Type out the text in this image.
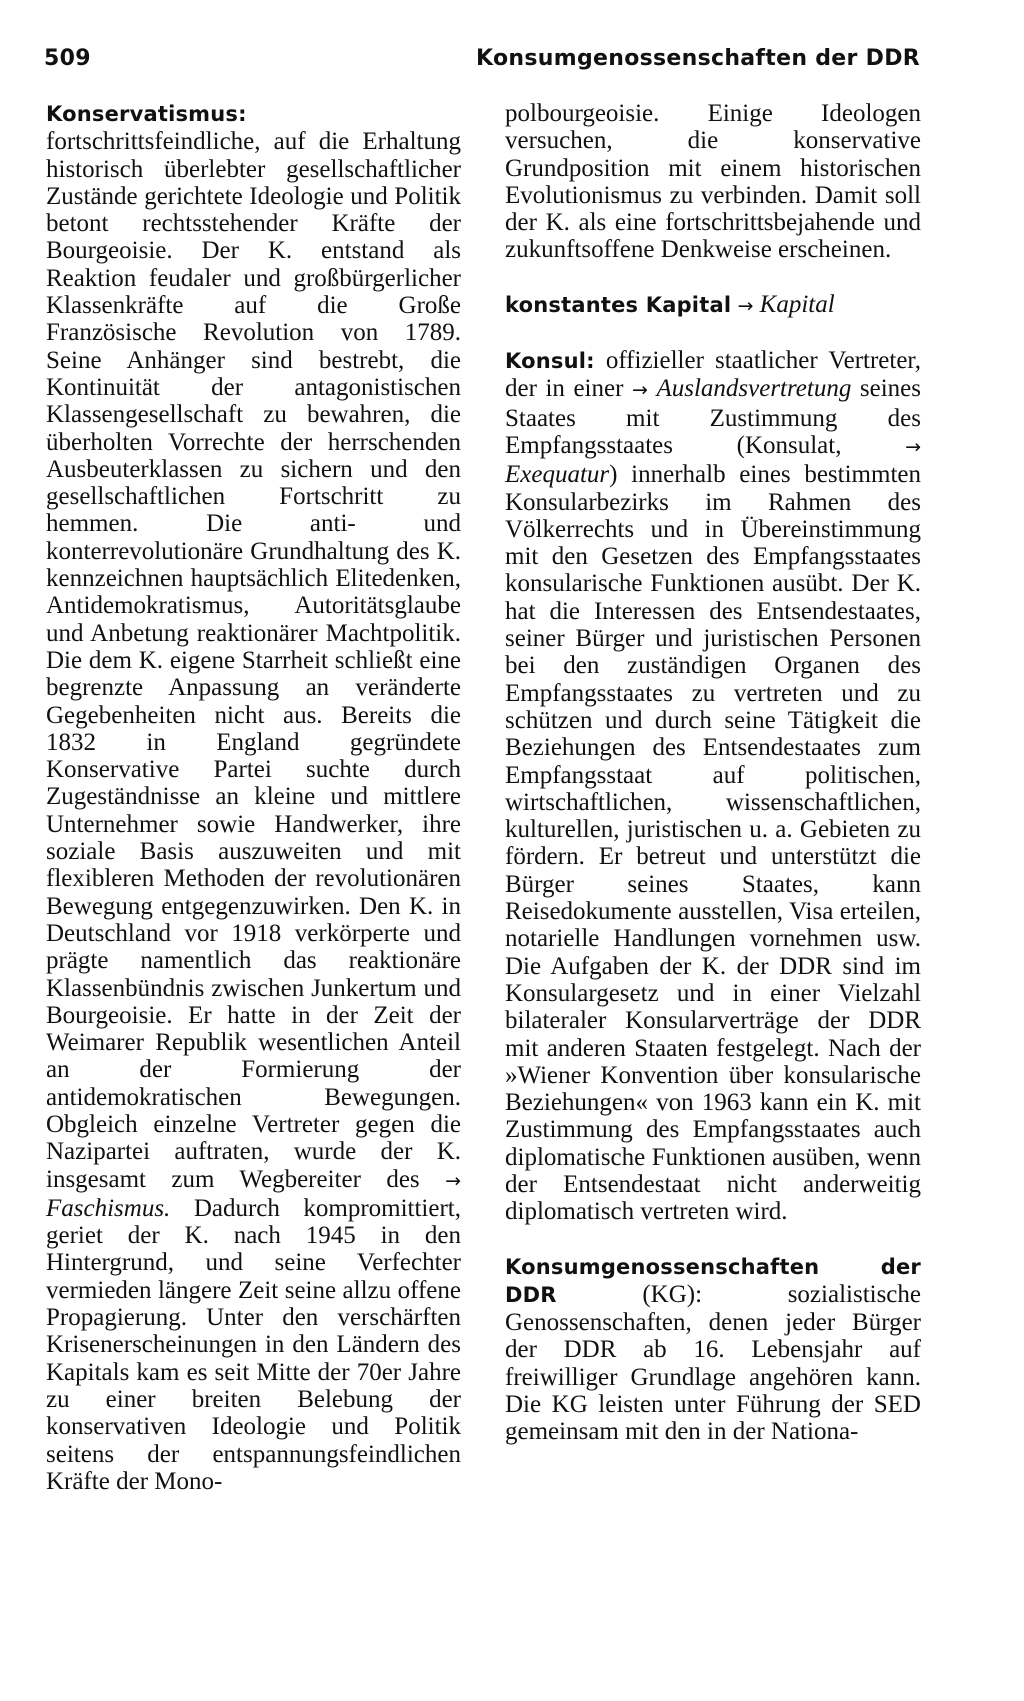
509	Konsumgenossenschaften der DDR

Konservatismus: fortschrittsfeindliche, auf die Erhaltung historisch überlebter gesellschaftlicher Zustände gerichtete Ideologie und Politik betont rechtsstehender Kräfte der Bourgeoisie. Der K. entstand als Reaktion feudaler und großbürgerlicher Klassenkräfte auf die Große Französische Revolution von 1789. Seine Anhänger sind bestrebt, die Kontinuität der antagonistischen Klassengesellschaft zu bewahren, die überholten Vorrechte der herrschenden Ausbeuterklassen zu sichern und den gesellschaftlichen Fortschritt zu hemmen. Die anti- und konterrevolutionäre Grundhaltung des K. kennzeichnen hauptsächlich Elitedenken, Antidemokratismus, Autoritätsglaube und Anbetung reaktionärer Machtpolitik. Die dem K. eigene Starrheit schließt eine begrenzte Anpassung an veränderte Gegebenheiten nicht aus. Bereits die 1832 in England gegründete Konservative Partei suchte durch Zugeständnisse an kleine und mittlere Unternehmer sowie Handwerker, ihre soziale Basis auszuweiten und mit flexibleren Methoden der revolutionären Bewegung entgegenzuwirken. Den K. in Deutschland vor 1918 verkörperte und prägte namentlich das reaktionäre Klassenbündnis zwischen Junkertum und Bourgeoisie. Er hatte in der Zeit der Weimarer Republik wesentlichen Anteil an der Formierung der antidemokratischen Bewegungen. Obgleich einzelne Vertreter gegen die Nazipartei auftraten, wurde der K. insgesamt zum Wegbereiter des → Faschismus. Dadurch kompromittiert, geriet der K. nach 1945 in den Hintergrund, und seine Verfechter vermieden längere Zeit seine allzu offene Propagierung. Unter den verschärften Krisenerscheinungen in den Ländern des Kapitals kam es seit Mitte der 70er Jahre zu einer breiten Belebung der konservativen Ideologie und Politik seitens der entspannungsfeindlichen Kräfte der Mono-

polbourgeoisie. Einige Ideologen versuchen, die konservative Grundposition mit einem historischen Evolutionismus zu verbinden. Damit soll der K. als eine fortschrittsbejahende und zukunftsoffene Denkweise erscheinen.

konstantes Kapital → Kapital

Konsul: offizieller staatlicher Vertreter, der in einer → Auslandsvertretung seines Staates mit Zustimmung des Empfangsstaates (Konsulat,	→ Exequatur) innerhalb eines bestimmten Konsularbezirks im Rahmen des Völkerrechts und in Übereinstimmung mit den Gesetzen des Empfangsstaates konsularische Funktionen ausübt. Der K. hat die Interessen des Entsendestaates, seiner Bürger und juristischen Personen bei den zuständigen Organen des Empfangsstaates zu vertreten und zu schützen und durch seine Tätigkeit die Beziehungen des Entsendestaates zum Empfangsstaat auf politischen, wirtschaftlichen, wissenschaftlichen, kulturellen, juristischen u. a. Gebieten zu fördern. Er betreut und unterstützt die Bürger seines Staates, kann Reisedokumente ausstellen, Visa erteilen, notarielle Handlungen vornehmen usw. Die Aufgaben der K. der DDR sind im Konsulargesetz und in einer Vielzahl bilateraler Konsularverträge der DDR mit anderen Staaten festgelegt. Nach der »Wiener Konvention über konsularische Beziehungen« von 1963 kann ein K. mit Zustimmung des Empfangsstaates auch diplomatische Funktionen ausüben, wenn der Entsendestaat nicht anderweitig diplomatisch vertreten wird.

Konsumgenossenschaften der DDR	(KG):	sozialistische Genossenschaften, denen jeder Bürger der DDR ab 16. Lebensjahr auf freiwilliger Grundlage angehören kann. Die KG leisten unter Führung der SED gemeinsam mit den in der Nationa-
